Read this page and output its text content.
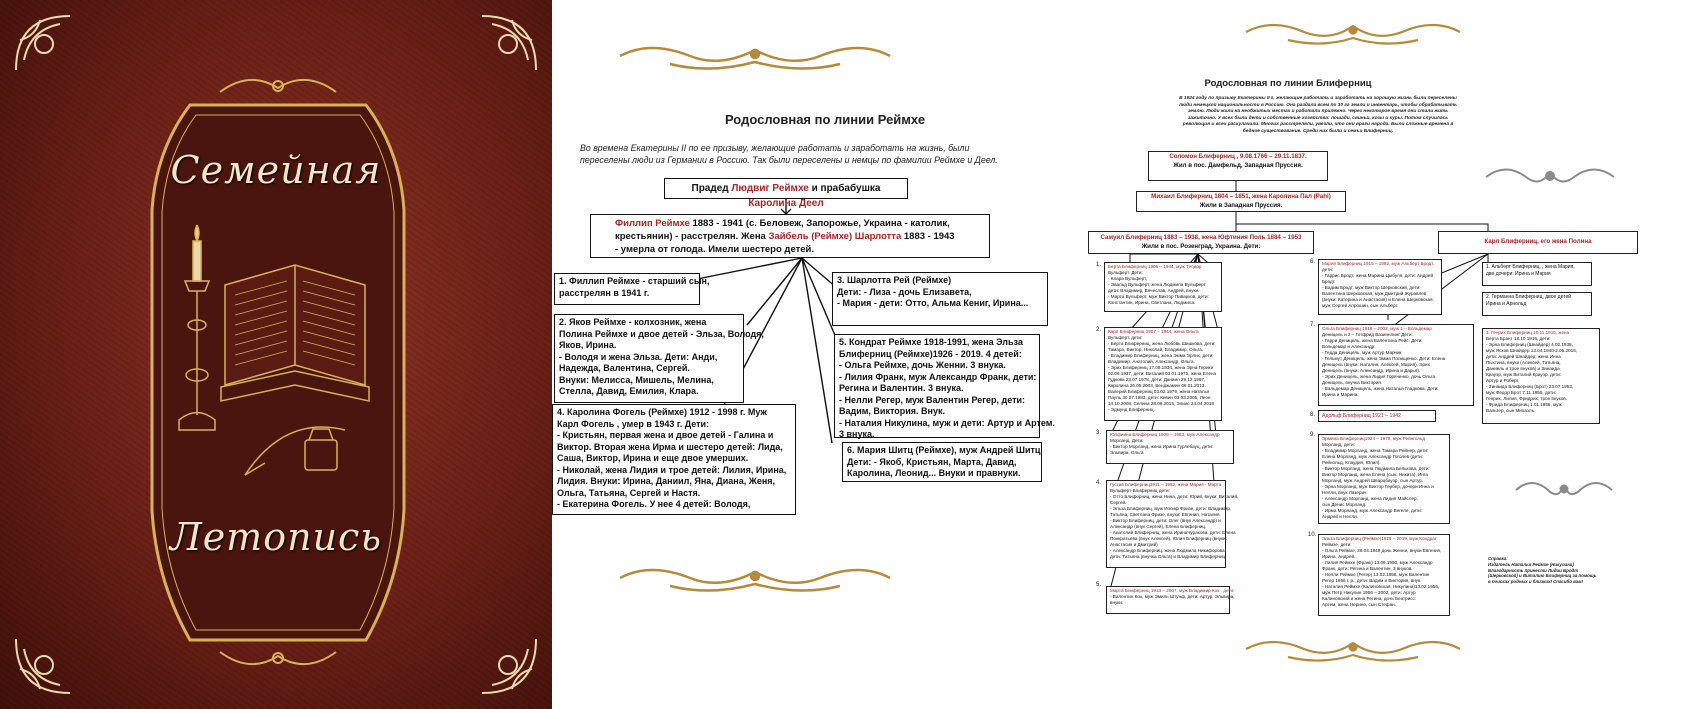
Семейная
Летопись
Родословная по линии Реймхе
Во времена Екатерины II по ее призыву, желающие работать и заработать на жизнь, были
переселены люди из Германии в Россию. Так были переселены и немцы по фамилии Реймхе и Деел.
Прадед Людвиг Реймхе и прабабушка Каролина Деел
Филлип Реймхе 1883 - 1941 (с. Беловеж, Запорожье, Украина - католик,
крестьянин) - расстрелян. Жена Зайбель (Реймхе) Шарлотта 1883 - 1943
- умерла от голода. Имели шестеро детей.
1. Филлип Реймхе - старший сын,
расстрелян в 1941 г.
2. Яков Реймхе - колхозник, жена
Полина Реймхе и двое детей - Эльза, Володя,
Яков, Ирина.
- Володя и жена Эльза. Дети: Анди,
Надежда, Валентина, Сергей.
Внуки: Мелисса, Мишель, Мелина,
Стелла, Давид, Емилия, Клара.
3. Шарлотта Рей (Реймхе)
Дети: - Лиза - дочь Елизавета,
- Мария - дети: Отто, Альма Кениг, Ирина...
5. Кондрат Реймхе 1918-1991, жена Эльза
Блиферниц (Реймхе)1926 - 2019. 4 детей:
- Ольга Реймхе, дочь Женни. 3 внука.
- Лилия Франк, муж Александр Франк, дети:
Регина и Валентин. 3 внука.
- Нелли Регер, муж Валентин Регер, дети:
Вадим, Виктория. Внук.
- Наталия Никулина, муж и дети: Артур и Артем.
3 внука.
4. Каролина Фогель (Реймхе) 1912 - 1998 г. Муж
Карл Фогель , умер в 1943 г. Дети:
- Кристьян, первая жена и двое детей - Галина и
Виктор. Вторая жена Ирма и шестеро детей: Лида,
Саша, Виктор, Ирина и еще двое умерших.
- Николай, жена Лидия и трое детей: Лилия, Ирина,
Лидия. Внуки: Ирина, Даниил, Яна, Диана, Женя,
Ольга, Татьяна, Сергей и Настя.
- Екатерина Фогель. У нее 4 детей: Володя,
6. Мария Шитц (Реймхе), муж Андрей Шитц
Дети: - Якоб, Кристьян, Марта, Давид,
Каролина, Леонид... Внуки и правнуки.
Родословная по линии Блиферниц
В 1924 году по призыву Екатерины II г, желающие работать и заработать на хорошую жизнь были переселены
люди немецкой национальности в Россию. Она раздала всем по 30 га земли и инвентарь, чтобы обрабатывать
землю. Люди жили на необжитых местах и работали прилежно. Через некоторое время они стали жить
зажиточно. У всех были дети и собственные хозяйства: лошади, свиньи, козы и куры. Потом случилась
революция и всех раскулачили. Многих расстреляли, увезли, что они враги народа. Были сложные времена в
бедное существование. Среди них были и семьи Блиферниц.
Соломон Блиферниц , 9.08.1766 – 29.11.1837.
Жил в пос. Дамфельд, Западная Пруссия.
Михаил Блиферниц 1804 – 1851, жена Каролина Пал (Pahl)
Жили в Западная Пруссия.
Самуил Блиферниц 1883 – 1938, жена Юфтиния Поль 1884 – 1953
Жили в пос. Розенград, Украина. Дети:
Карл Блиферниц, его жена Полина
1. Берта Блиферниц 1905 – 1944, муж Теодор
Вульферт. Дети:
- Клара Вульферт,
- Эвальд Вульферт, жена Людмила Вульферт,
дети: Владимир, Вячеслав, Андрей, внуки.
- Марта Вульферт, муж Виктор Пиварков, дети:
Константин, Ирина, Светлана, Людмила.
2. Карл Блиферниц 1907 – 1944, жена Ольга
Вульферт, дети:
- Берта Блиферниц, жена Любовь Шишкова, дети:
Тамара, Виктор, Николай, Владимир, Ольга.
- Владимир Блиферниц, жена Эмма Эрлих, дети:
Владимир, Анатолий, Александр, Ольга.
- Эрих Блиферниц 17.09.1934, жена Эрна Герике
02.06.1937, дети: Виталий 03.01.1975, жена Елена
Гудкова 23.07.1978, дети: Даниил 29.12.1997,
Каролина 26.05.2003, Бенджамин 06.01.2013.
Валерий Блиферниц 03.02.1979, жена Наталья
Пауль 30.07.1983, дети: Кевин 03.03.2005, Леон
14.10.2008, Селина 28.08.2015, Элиас 24.04.2018
- Эдмунд Блиферниц.
3. Юлфиина Блиферниц 1909 – 1983, муж Александр
Морланд. Дети:
- Виктор Морланд, жена Ирина Гурлебауц, дети:
Эльвира, Ольга
4. Густав Блиферниц1911 – 1982, жена Мария - Марта
Вульферт-Блиферниц дети:
- Отто Блиферниц, жена Нина, дети: Юрий, внуки: Виталий,
Сергей.
- Эльза Блиферниц, муж Иосиф Фризе, дети: Владимир,
Татьяна, Светлана Фризе, внуки: Евгения, Наталия.
- Виктор Блиферниц, дети: Олег (внук Александр) и
Александр (внук Сергей), Елена Блиферниц.
- Анатолий Блиферниц, жена ИринаЧуракова, дети: Елена
Понкратьева (внук Алексей), Юлия Блиферниц (внуки:
Анастасия и Дмитрий)
- Александр Блиферниц, жена Людмила Никифорова
дети: Татьяна (внучка Ольга) и Владимир Блиферниц.
5.
Марта Блиферниц 1913 – 2007, муж Владимир Кох , дети:
- Валентин Кох, муж Эмиль Штунф, дети: Артур, Эльвира,
внуки.
6. Мария Блиферниц 1915 – 1992, муж Альберт Бродт,
дети:
- Гаррис Бродт, жена Марина Цыбуля, дети: Андрей
Бродт.
- Вадим Бродт, муж Виктор Шерковский, дети:
Валентина Шерковская, муж Дмитрий Журавлев
(внуки: Катерина и Анастасия) и Елена Шерковская,
муж Сергей Апрошин, сын Альберт.
7.
Ольга Блиферниц 1918 – 2002, муж 1 – Вольдемар
Деницель и 2 – Готфрид Вазиннлинг Дети:
- Гарри Деницель, жена Валентина Рейс. Дети:
Вольдемар и Александр.
- Гедда Деницель, муж Артур Марчик
- Гельмут Деницель, жена Эмма Полищенко. Дети: Елена
Деницель (внуки: Наталия, Алексей, Мария), Эрих
Деницель (внуки: Александр, Ирина и Дарья).
- Эрих Деницель, жена Лидия Горяченко, дочь Ольга
Деницель, внучка Виктория.
- Вальдемар Деницель, жена Наталья Гладкова. Дети:
Ирина и Марина.
8. Адольф Блиферниц 1921 – 1942
9.
Эрмина Блиферниц1924 – 1979, муж Рейнгольд
Морланд, дети:
- Владимир Морланд, жена Тамара Рейнер, дети:
Елена Морланд, муж Александр Гоголев (дети:
Рейнольд, Клаудия, Юлия).
- Виктор Морланд, жена Людмила Белькова, дети:
Виктор Морланд, жена Елена (сын: Никита), Инга
Морланд, муж Андрей Шварцбауэр, сын Артур.
- Эрна Морланд, муж Виктор Гербер, дочери Инна и
Нелли, внук Лазерич.
- Александр Морланд, жена Лидия Майслер,
сын Денис Морланд.
- Ирма Морланд, муж Александр Вегеле, дети:
Андрей и Нелли.
10.
Эльза Блиферниц (Реймхе)1926 – 2019, муж Кондрат
Реймхе, дети:
- Ольга Реймхе, 26.04.1949 дочь Женни, внуки Евгения,
Ирина, Андрей.
- Лилия Реймхе (Франк) 13.06.1950, муж Александр
Франк, дети: Регина и Валентин, 3 внуков.
- Нелли Реймхе (Регер) 13.02.1958, муж Валентин
Регер 1956 г. р., дети: Вадим и Виктория, внук.
- Наталия Реймхе (Калиновская, Никулина)13.02.1956,
муж Петр Никулин 1956 – 2002, дети: Артур
Калиновский и жена Регина, дочь Беатрисс.
Артем, жена Нерине, сын Стефан.
1. Альберт Блиферниц, , жена Мария,
две дочери: Ирина и Мария
2. Германна Блиферниц, двое детей
Ирина и Арнольд
3. Генрих Блиферниц 10.11.1915, жена
Берта Брант 18.10.1916, дети:
- Эрна Блиферниц (Шнайдер) 4.02.1938,
муж Ясков Шнайдер 13.04.1940-2.05.2016,
дети: Андрей Шнайдер, жена Инна
Пыхтина, внуки (Алексей, Татьяна,
Даниель и трое внуков) и Зинаида
Крауэр, муж Виталий Крауэр, дети:
Артур и Роберт.
- Зинаида Блиферниц (Брот) 23.07.1953,
муж Федор Брот 7.11.1955, дети:
Генрих, Лилия, Фридрих, трое внуков.
- Фрида Блиферниц 1.01.1956, муж
Вальтер, сын Михаэль.
Справка:
Издатель Наталья Реймхе (Никулина)
Благодарность принести Лидии Бродт
(Шерковской) и Виталию Блиферниц за помощь
в поисках родных и близких! Спасибо вам!
